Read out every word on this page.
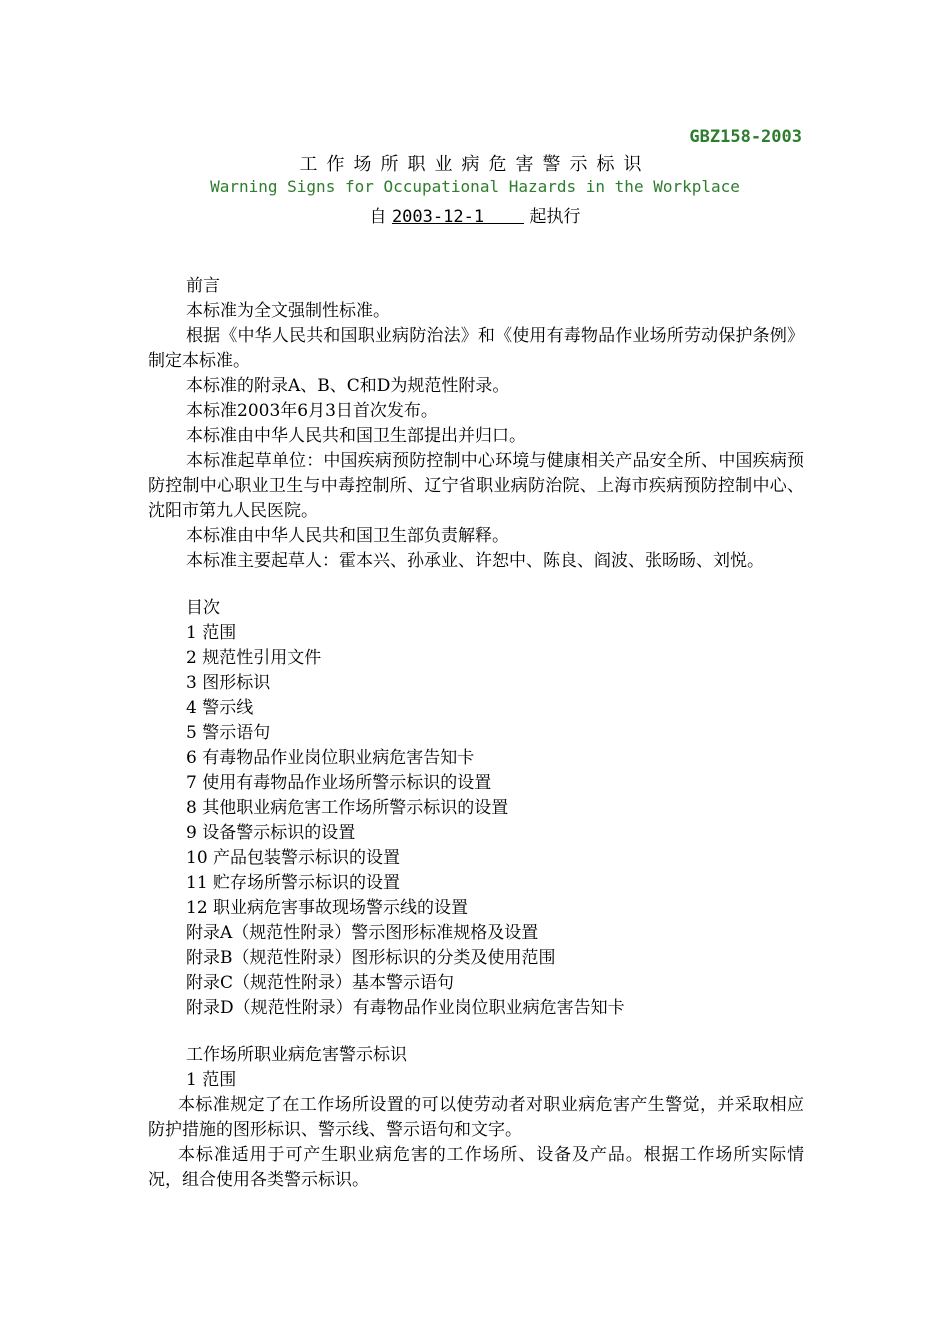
GBZ158-2003
工作场所职业病危害警示标识
Warning Signs for Occupational Hazards in the Workplace
自 2003-12-1	起执行

前言

本标准为全文强制性标准。

根据《中华人民共和国职业病防治法》和《使用有毒物品作业场所劳动保护条例》制定本标准。

本标准的附录A、B、C和D为规范性附录。

本标准2003年6月3日首次发布。

本标准由中华人民共和国卫生部提出并归口。

本标准起草单位：中国疾病预防控制中心环境与健康相关产品安全所、中国疾病预防控制中心职业卫生与中毒控制所、辽宁省职业病防治院、上海市疾病预防控制中心、沈阳市第九人民医院。

本标准由中华人民共和国卫生部负责解释。

本标准主要起草人：霍本兴、孙承业、许恕中、陈良、阎波、张旸旸、刘悦。

目次

1 范围

2 规范性引用文件

3 图形标识

4 警示线

5 警示语句

6 有毒物品作业岗位职业病危害告知卡

7 使用有毒物品作业场所警示标识的设置

8 其他职业病危害工作场所警示标识的设置

9 设备警示标识的设置

10 产品包装警示标识的设置

11 贮存场所警示标识的设置

12 职业病危害事故现场警示线的设置

附录A（规范性附录）警示图形标准规格及设置

附录B（规范性附录）图形标识的分类及使用范围

附录C（规范性附录）基本警示语句

附录D（规范性附录）有毒物品作业岗位职业病危害告知卡

工作场所职业病危害警示标识

1 范围

本标准规定了在工作场所设置的可以使劳动者对职业病危害产生警觉，并采取相应防护措施的图形标识、警示线、警示语句和文字。

本标准适用于可产生职业病危害的工作场所、设备及产品。根据工作场所实际情况，组合使用各类警示标识。
